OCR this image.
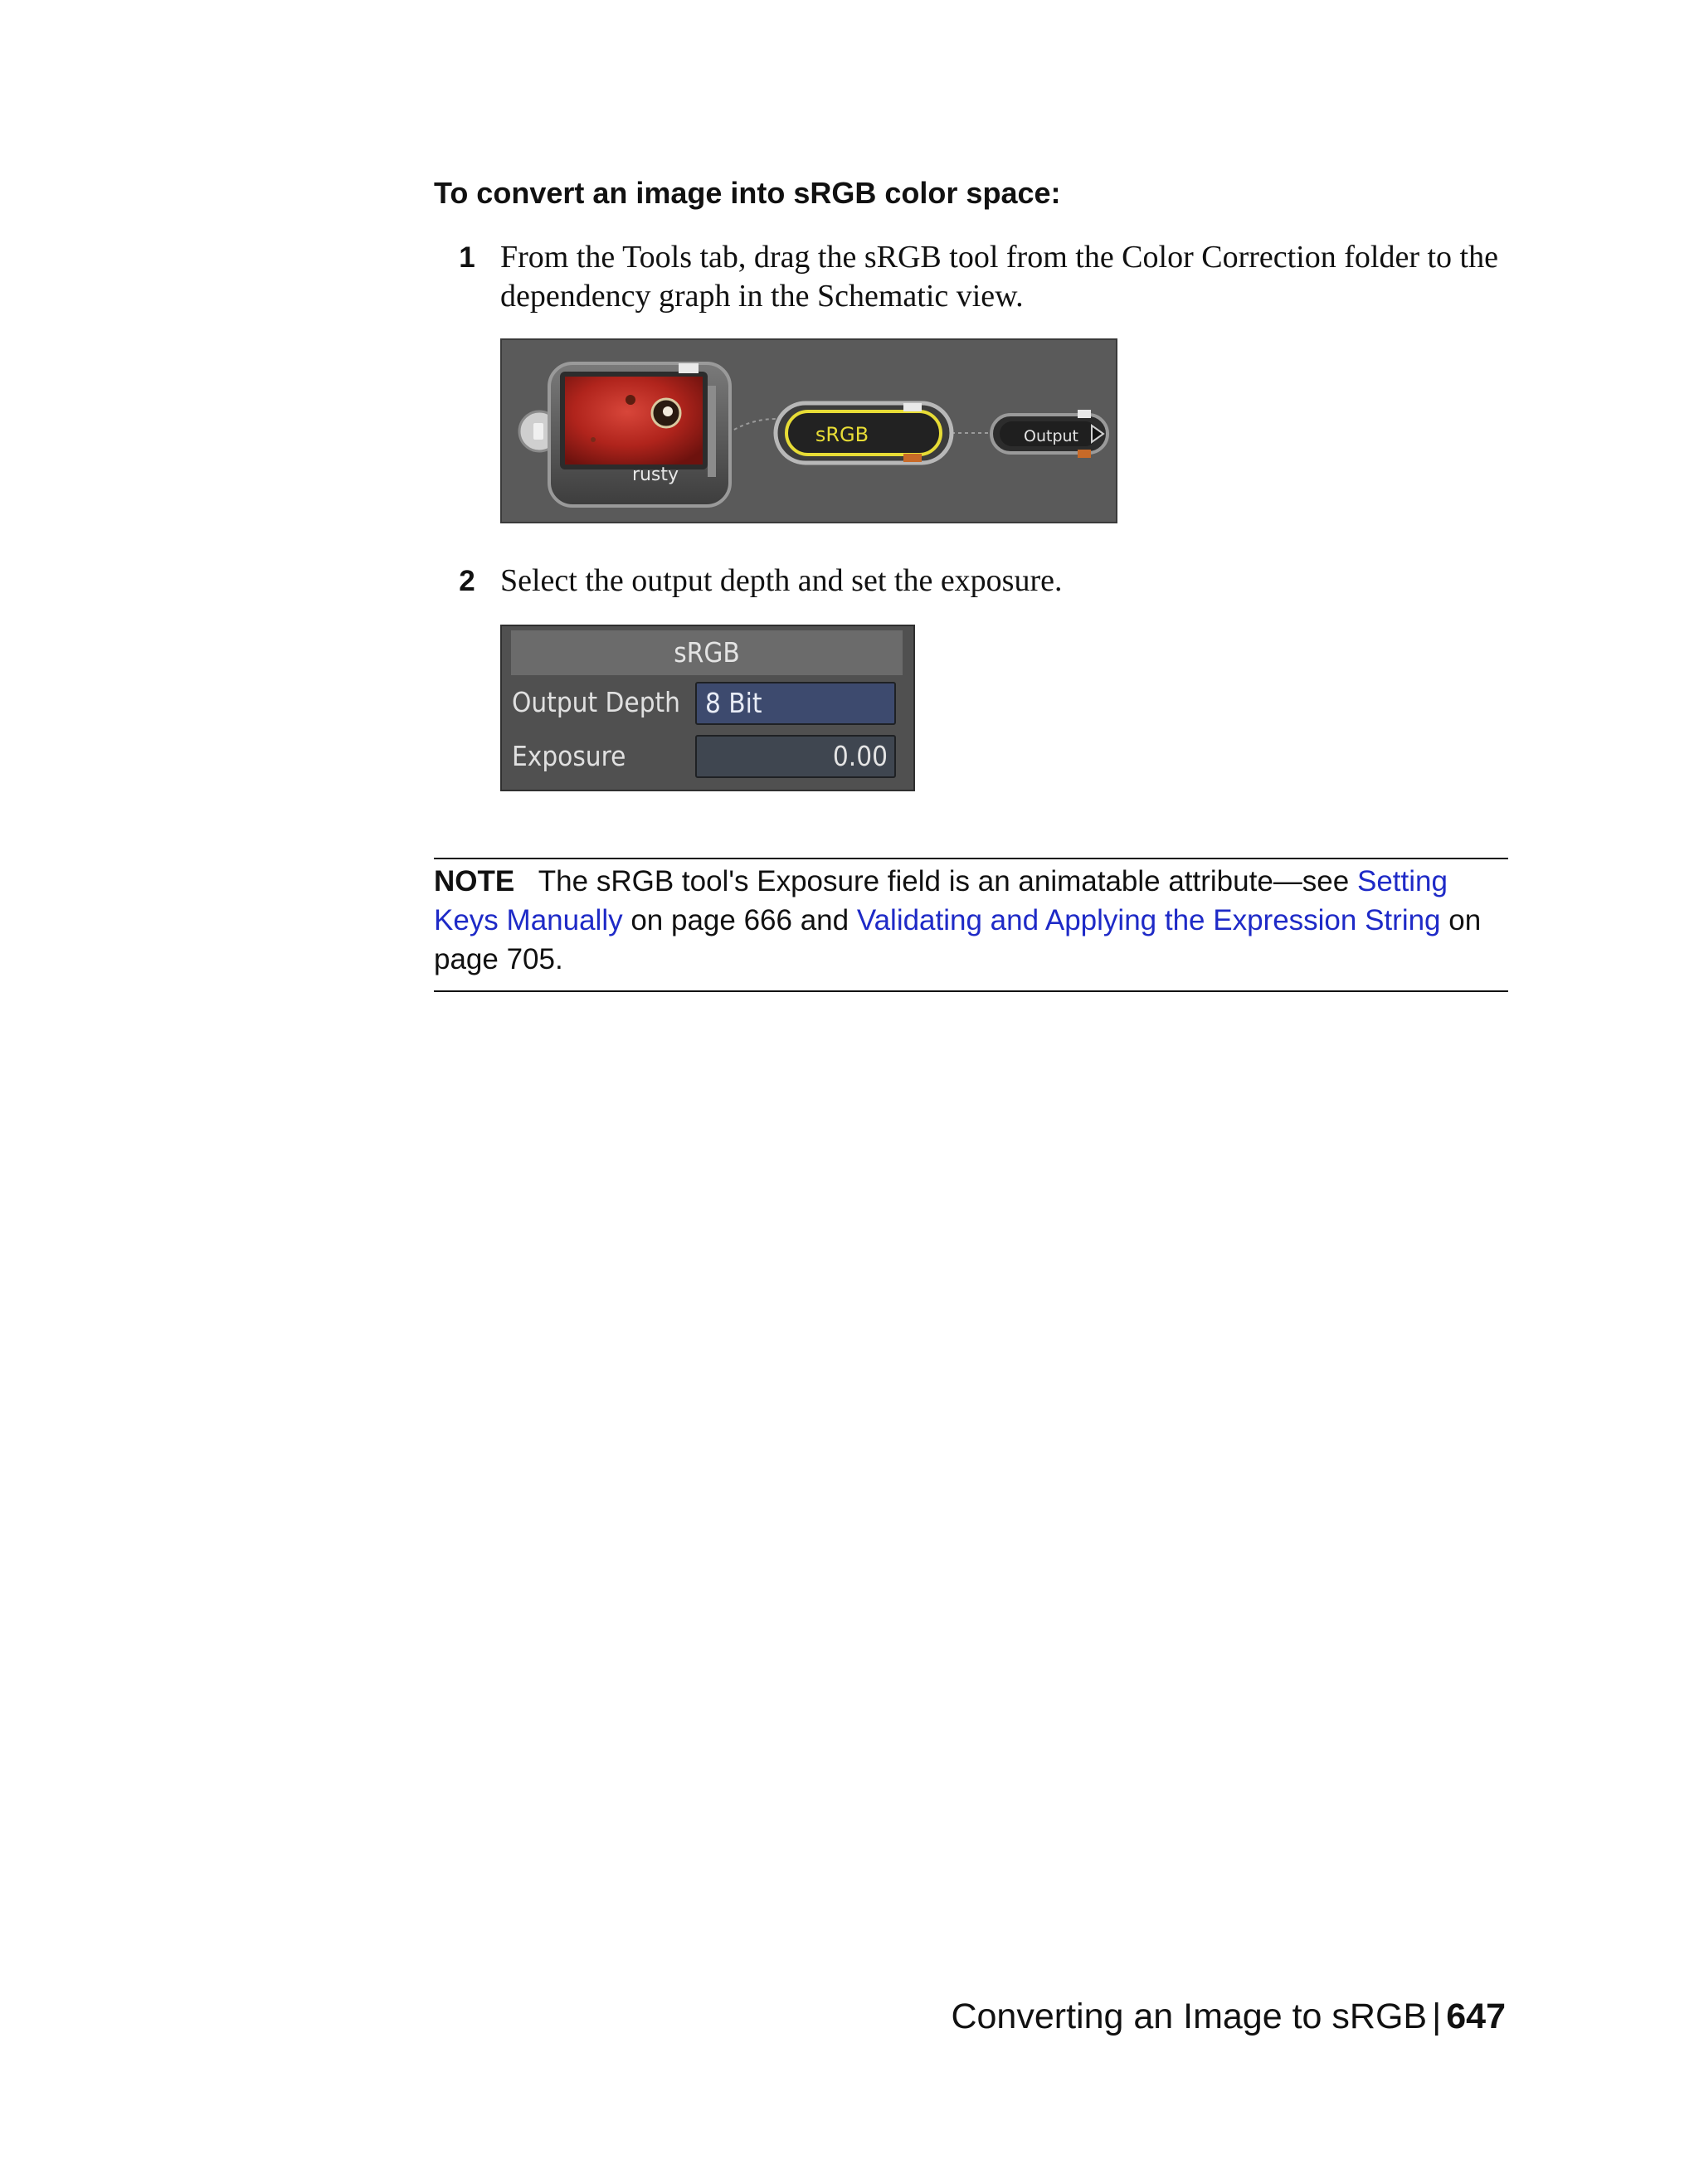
To convert an image into sRGB color space:
1 From the Tools tab, drag the sRGB tool from the Color Correction folder to the dependency graph in the Schematic view.
rusty
sRGB	Output
2 Select the output depth and set the exposure.
sRGB
Output Depth 8 Bit
Exposure	0.00
NOTE The sRGB tool's Exposure field is an animatable attribute—see Setting Keys Manually on page 666 and Validating and Applying the Expression String on page 705.
Converting an Image to sRGB | 647
